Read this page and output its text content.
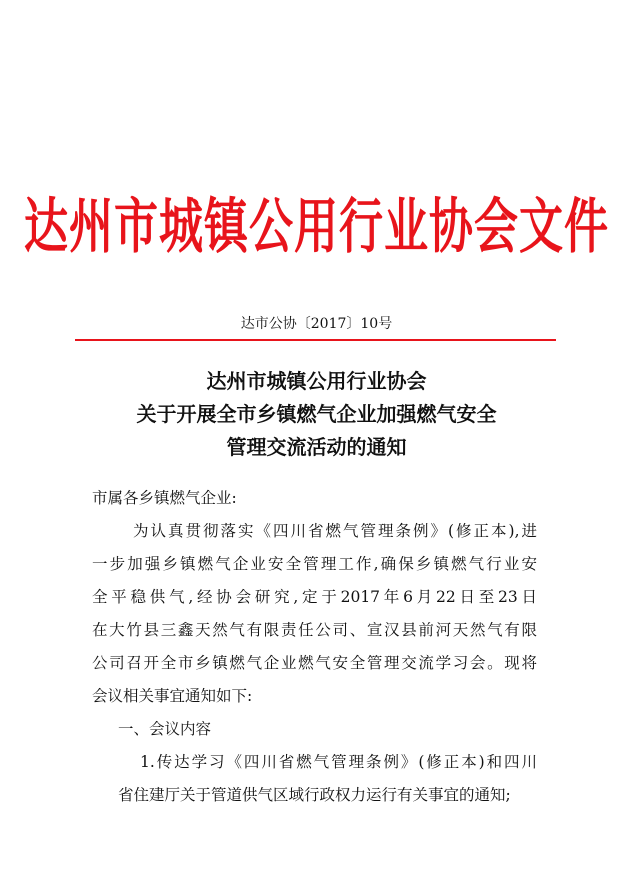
达州市城镇公用行业协会文件
达市公协〔2017〕10号
达州市城镇公用行业协会
关于开展全市乡镇燃气企业加强燃气安全
管理交流活动的通知
市属各乡镇燃气企业:
为认真贯彻落实《四川省燃气管理条例》(修正本),进
一步加强乡镇燃气企业安全管理工作,确保乡镇燃气行业安
全平稳供气,经协会研究,定于2017年6月22日至23日
在大竹县三鑫天然气有限责任公司、宣汉县前河天然气有限
公司召开全市乡镇燃气企业燃气安全管理交流学习会。现将
会议相关事宜通知如下:
一、会议内容
1.传达学习《四川省燃气管理条例》(修正本)和四川
省住建厅关于管道供气区域行政权力运行有关事宜的通知;
